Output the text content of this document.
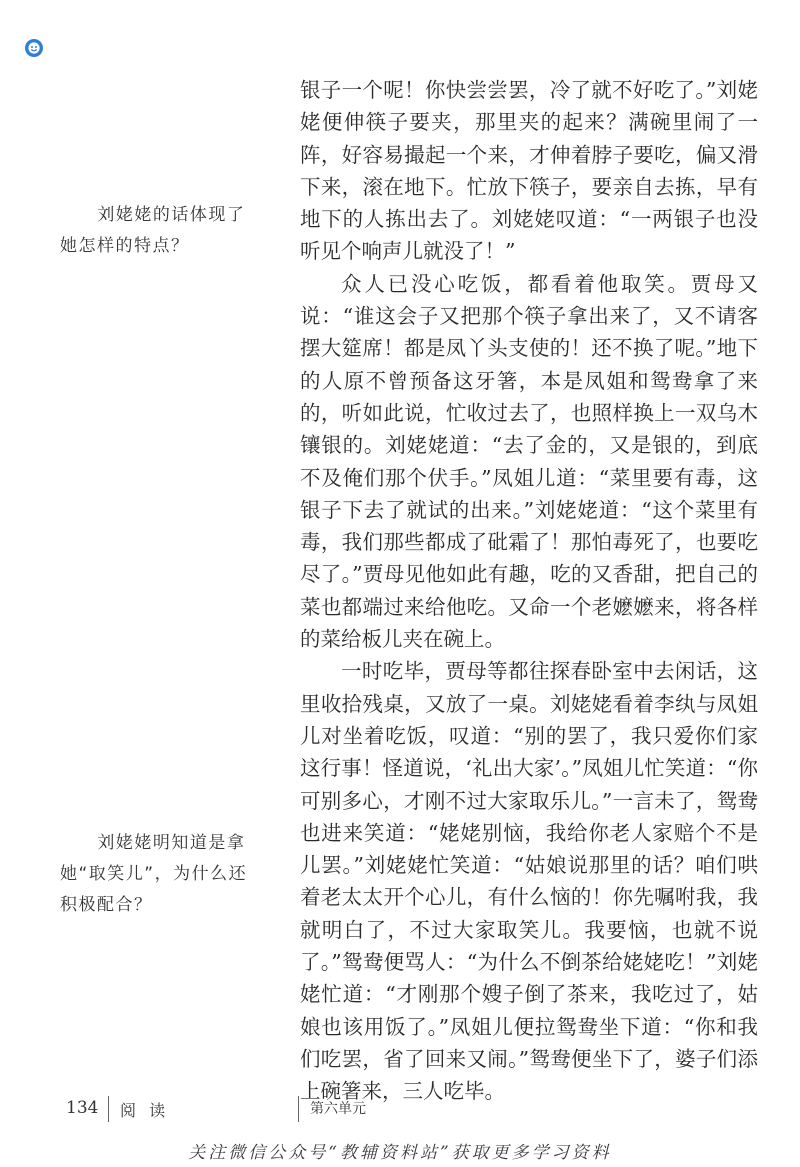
刘姥姥的话体现了她怎样的特点？

刘姥姥明知道是拿她“取笑儿”，为什么还积极配合？

银子一个呢！你快尝尝罢，冷了就不好吃了。”刘姥姥便伸筷子要夹，那里夹的起来？满碗里闹了一阵，好容易撮起一个来，才伸着脖子要吃，偏又滑下来，滚在地下。忙放下筷子，要亲自去拣，早有地下的人拣出去了。刘姥姥叹道：“一两银子也没听见个响声儿就没了！”

众人已没心吃饭，都看着他取笑。贾母又说：“谁这会子又把那个筷子拿出来了，又不请客摆大筵席！都是凤丫头支使的！还不换了呢。”地下的人原不曾预备这牙箸，本是凤姐和鸳鸯拿了来的，听如此说，忙收过去了，也照样换上一双乌木镶银的。刘姥姥道：“去了金的，又是银的，到底不及俺们那个伏手。”凤姐儿道：“菜里要有毒，这银子下去了就试的出来。”刘姥姥道：“这个菜里有毒，我们那些都成了砒霜了！那怕毒死了，也要吃尽了。”贾母见他如此有趣，吃的又香甜，把自己的菜也都端过来给他吃。又命一个老嬷嬷来，将各样的菜给板儿夹在碗上。

一时吃毕，贾母等都往探春卧室中去闲话，这里收拾残桌，又放了一桌。刘姥姥看着李纨与凤姐儿对坐着吃饭，叹道：“别的罢了，我只爱你们家这行事！怪道说，‘礼出大家’。”凤姐儿忙笑道：“你可别多心，才刚不过大家取乐儿。”一言未了，鸳鸯也进来笑道：“姥姥别恼，我给你老人家赔个不是儿罢。”刘姥姥忙笑道：“姑娘说那里的话？咱们哄着老太太开个心儿，有什么恼的！你先嘱咐我，我就明白了，不过大家取笑儿。我要恼，也就不说了。”鸳鸯便骂人：“为什么不倒茶给姥姥吃！”刘姥姥忙道：“才刚那个嫂子倒了茶来，我吃过了，姑娘也该用饭了。”凤姐儿便拉鸳鸯坐下道：“你和我们吃罢，省了回来又闹。”鸳鸯便坐下了，婆子们添上碗箸来，三人吃毕。

134 阅 读	第六单元
关注微信公众号“教辅资料站”获取更多学习资料
